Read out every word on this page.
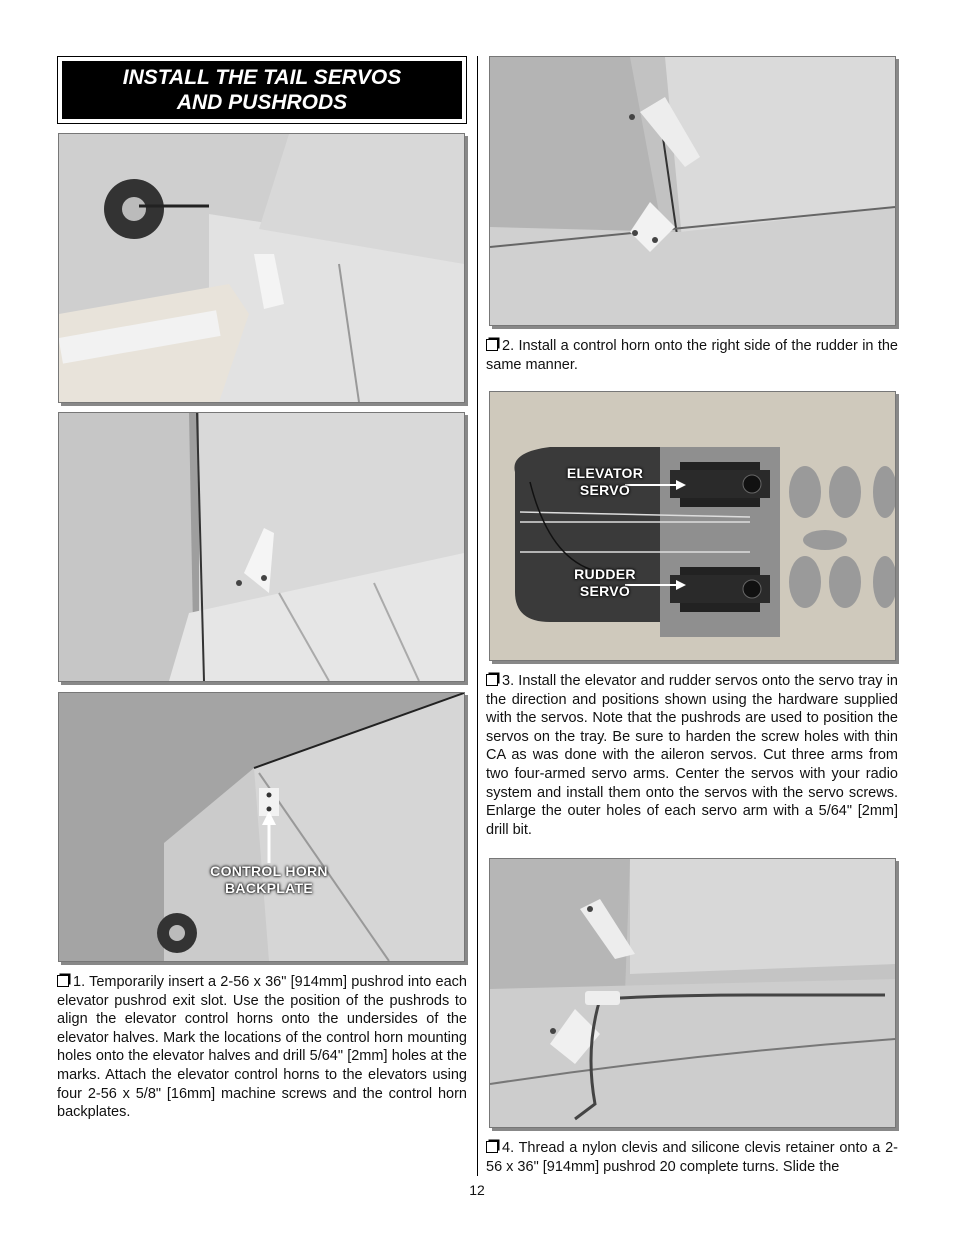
INSTALL THE TAIL SERVOS
AND PUSHRODS
CONTROL HORN
BACKPLATE
1. Temporarily insert a 2-56 x 36" [914mm] pushrod into each elevator pushrod exit slot. Use the position of the pushrods to align the elevator control horns onto the undersides of the elevator halves. Mark the locations of the control horn mounting holes onto the elevator halves and drill 5/64" [2mm] holes at the marks. Attach the elevator control horns to the elevators using four 2-56 x 5/8" [16mm] machine screws and the control horn backplates.
2. Install a control horn onto the right side of the rudder in the same manner.
ELEVATOR
SERVO
RUDDER
SERVO
3. Install the elevator and rudder servos onto the servo tray in the direction and positions shown using the hardware supplied with the servos. Note that the pushrods are used to position the servos on the tray. Be sure to harden the screw holes with thin CA as was done with the aileron servos. Cut three arms from two four-armed servo arms. Center the servos with your radio system and install them onto the servos with the servo screws. Enlarge the outer holes of each servo arm with a 5/64" [2mm] drill bit.
4. Thread a nylon clevis and silicone clevis retainer onto a 2-56 x 36" [914mm] pushrod 20 complete turns. Slide the
12
